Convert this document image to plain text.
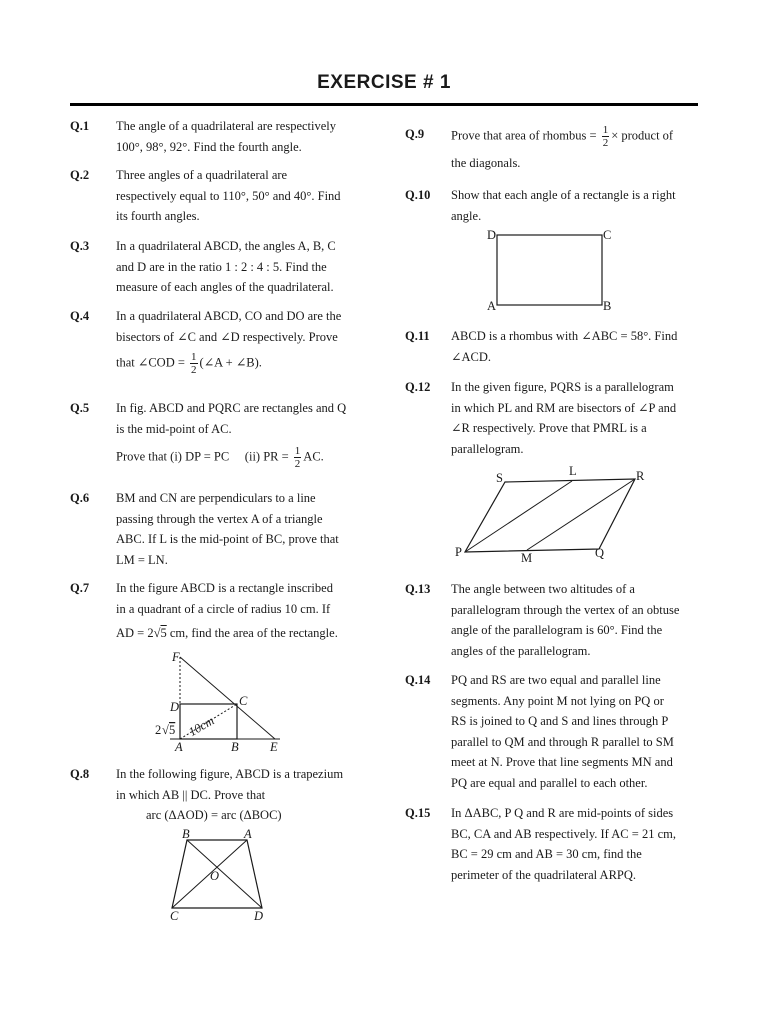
EXERCISE # 1
Q.1 The angle of a quadrilateral are respectively
100°, 98°, 92°. Find the fourth angle.
Q.2 Three angles of a quadrilateral are
respectively equal to 110°, 50° and 40°. Find
its fourth angles.
Q.3 In a quadrilateral ABCD, the angles A, B, C
and D are in the ratio 1 : 2 : 4 : 5. Find the
measure of each angles of the quadrilateral.
Q.4 In a quadrilateral ABCD, CO and DO are the
bisectors of ∠C and ∠D respectively. Prove
that ∠COD = $\frac{1}{2}$ (∠A + ∠B).
Q.5 In fig. ABCD and PQRC are rectangles and Q
is the mid-point of AC.
Prove that (i) DP = PC     (ii) PR = $\frac{1}{2}$ AC.
Q.6 BM and CN are perpendiculars to a line
passing through the vertex A of a triangle
ABC. If L is the mid-point of BC, prove that
LM = LN.
Q.7 In the figure ABCD is a rectangle inscribed
in a quadrant of a circle of radius 10 cm. If
AD = 2√5 cm, find the area of the rectangle.
F
D	C
A	B	E
10cm
2 √ 5
Q.8 In the following figure, ABCD is a trapezium
in which AB || DC. Prove that
arc (ΔAOD) = arc (ΔBOC)
B	A
O
C	D
Q.9 Prove that area of rhombus = $\frac{1}{2}$ × product of
the diagonals.
Q.10 Show that each angle of a rectangle is a right
angle.
D	C
A	B
Q.11 ABCD is a rhombus with ∠ABC = 58°. Find
∠ACD.
Q.12 In the given figure, PQRS is a parallelogram
in which PL and RM are bisectors of ∠P and
∠R respectively. Prove that PMRL is a
parallelogram.
S	L	R
P	M	Q
Q.13 The angle between two altitudes of a
parallelogram through the vertex of an obtuse
angle of the parallelogram is 60°. Find the
angles of the parallelogram.
Q.14 PQ and RS are two equal and parallel line
segments. Any point M not lying on PQ or
RS is joined to Q and S and lines through P
parallel to QM and through R parallel to SM
meet at N. Prove that line segments MN and
PQ are equal and parallel to each other.
Q.15 In ΔABC, P Q and R are mid-points of sides
BC, CA and AB respectively. If AC = 21 cm,
BC = 29 cm and AB = 30 cm, find the
perimeter of the quadrilateral ARPQ.
